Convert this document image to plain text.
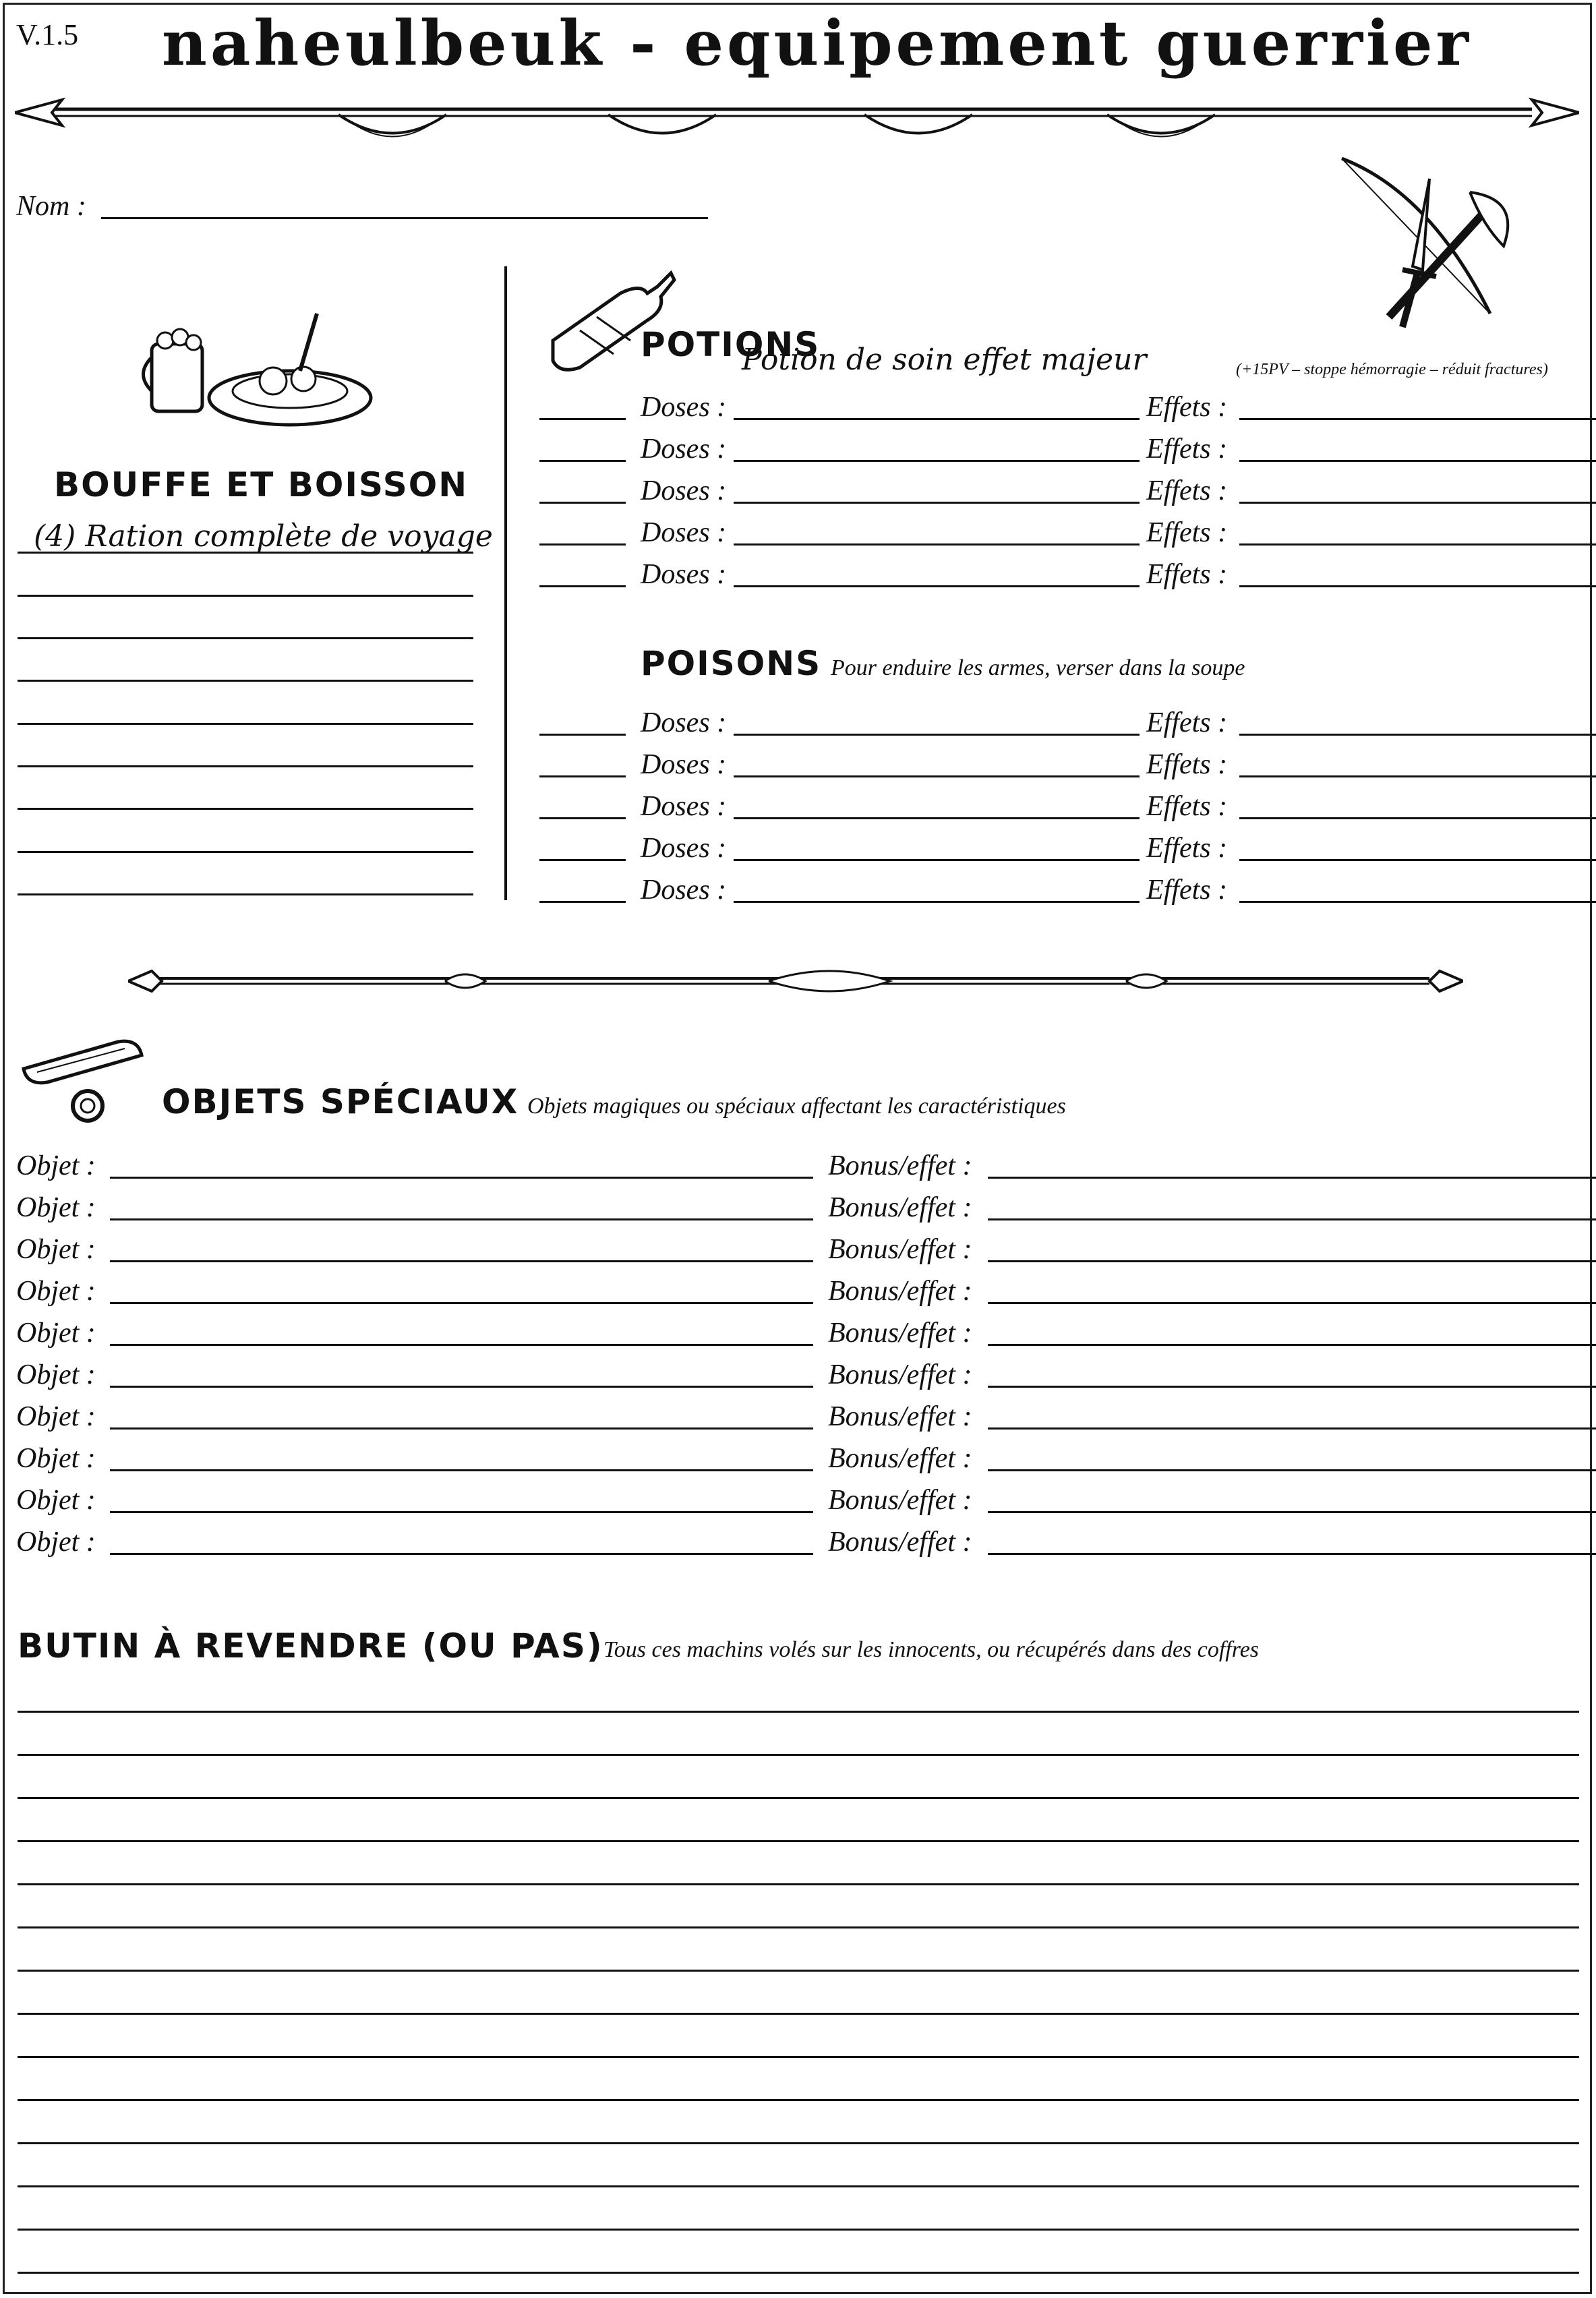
V.1.5 naheulbeuk - equipement guerrier
Nom :
BOUFFE ET BOISSON
(4) Ration complète de voyage
POTIONS
Potion de soin effet majeur	(+15PV – stoppe hémorragie – réduit fractures)
Doses :	Effets :
Doses :	Effets :
Doses :	Effets :
Doses :	Effets :
Doses :	Effets :
POISONS Pour enduire les armes, verser dans la soupe
Doses :	Effets :
Doses :	Effets :
Doses :	Effets :
Doses :	Effets :
Doses :	Effets :
OBJETS SPÉCIAUX Objets magiques ou spéciaux affectant les caractéristiques
Objet :	Bonus/effet :
Objet :	Bonus/effet :
Objet :	Bonus/effet :
Objet :	Bonus/effet :
Objet :	Bonus/effet :
Objet :	Bonus/effet :
Objet :	Bonus/effet :
Objet :	Bonus/effet :
Objet :	Bonus/effet :
Objet :	Bonus/effet :
BUTIN À REVENDRE (OU PAS) Tous ces machins volés sur les innocents, ou récupérés dans des coffres
